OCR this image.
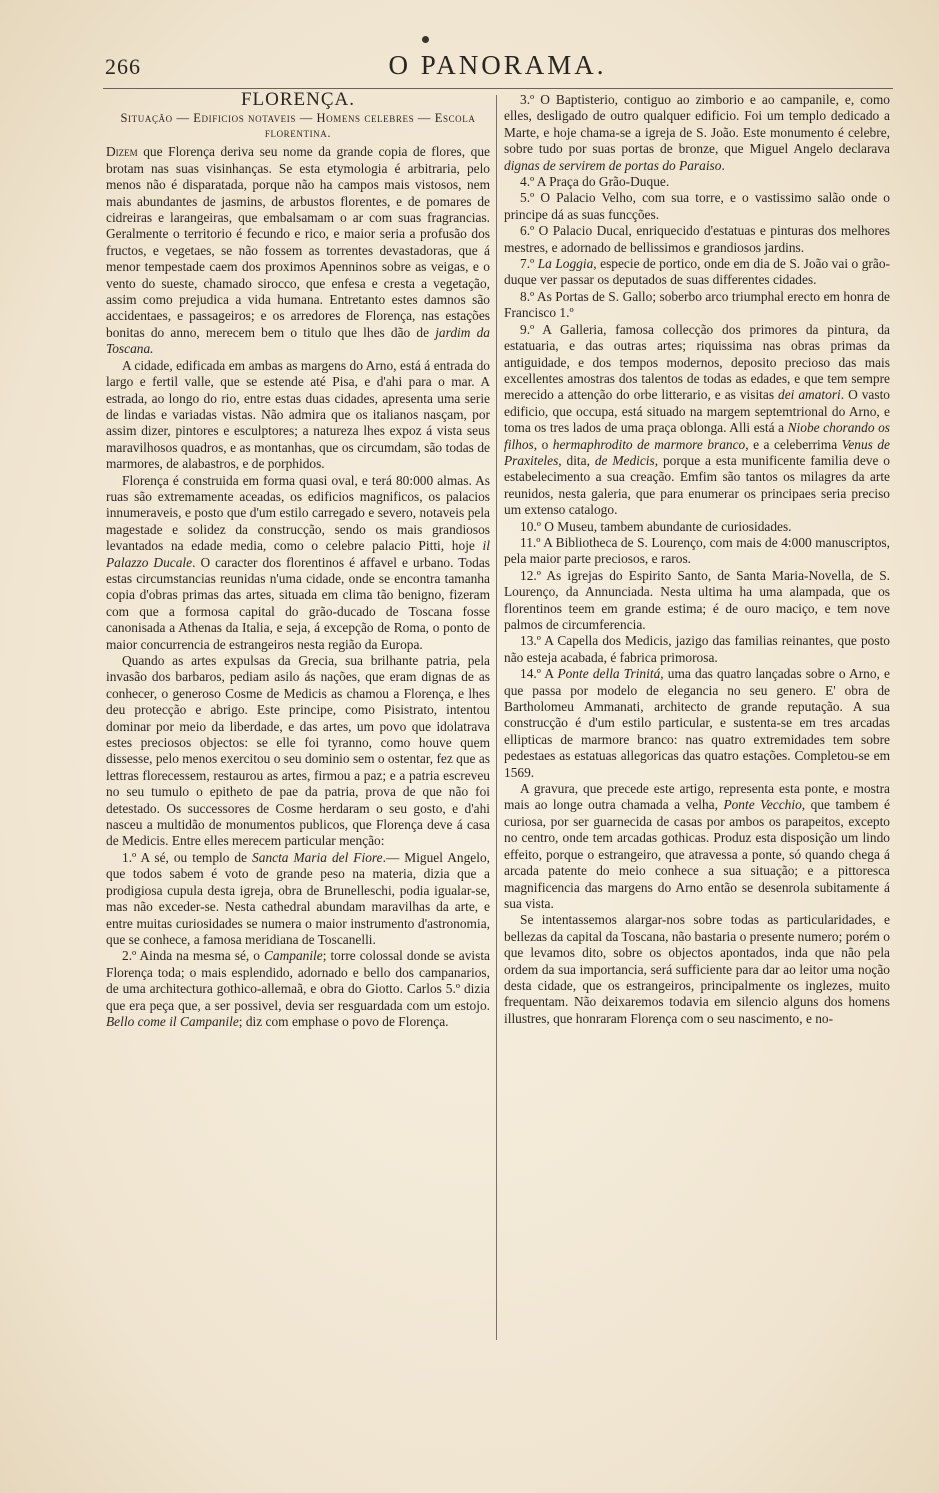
266	O PANORAMA.
FLORENÇA.
Situação — Edificios notaveis — Homens celebres — Escola florentina.

Dizem que Florença deriva seu nome da grande copia de flores, que brotam nas suas visinhanças. Se esta etymologia é arbitraria, pelo menos não é disparatada, porque não ha campos mais vistosos, nem mais abundantes de jasmins, de arbustos florentes, e de pomares de cidreiras e larangeiras, que embalsamam o ar com suas fragrancias. Geralmente o territorio é fecundo e rico, e maior seria a profusão dos fructos, e vegetaes, se não fossem as torrentes devastadoras, que á menor tempestade caem dos proximos Apenninos sobre as veigas, e o vento do sueste, chamado sirocco, que enfesa e cresta a vegetação, assim como prejudica a vida humana. Entretanto estes damnos são accidentaes, e passageiros; e os arredores de Florença, nas estações bonitas do anno, merecem bem o titulo que lhes dão de jardim da Toscana.

A cidade, edificada em ambas as margens do Arno, está á entrada do largo e fertil valle, que se estende até Pisa, e d'ahi para o mar. A estrada, ao longo do rio, entre estas duas cidades, apresenta uma serie de lindas e variadas vistas. Não admira que os italianos nasçam, por assim dizer, pintores e esculptores; a natureza lhes expoz á vista seus maravilhosos quadros, e as montanhas, que os circumdam, são todas de marmores, de alabastros, e de porphidos.

Florença é construida em forma quasi oval, e terá 80:000 almas. As ruas são extremamente aceadas, os edificios magnificos, os palacios innumeraveis, e posto que d'um estilo carregado e severo, notaveis pela magestade e solidez da construcção, sendo os mais grandiosos levantados na edade media, como o celebre palacio Pitti, hoje il Palazzo Ducale. O caracter dos florentinos é affavel e urbano. Todas estas circumstancias reunidas n'uma cidade, onde se encontra tamanha copia d'obras primas das artes, situada em clima tão benigno, fizeram com que a formosa capital do grão-ducado de Toscana fosse canonisada a Athenas da Italia, e seja, á excepção de Roma, o ponto de maior concurrencia de estrangeiros nesta região da Europa.

Quando as artes expulsas da Grecia, sua brilhante patria, pela invasão dos barbaros, pediam asilo ás nações, que eram dignas de as conhecer, o generoso Cosme de Medicis as chamou a Florença, e lhes deu protecção e abrigo. Este principe, como Pisistrato, intentou dominar por meio da liberdade, e das artes, um povo que idolatrava estes preciosos objectos: se elle foi tyranno, como houve quem dissesse, pelo menos exercitou o seu dominio sem o ostentar, fez que as lettras florecessem, restaurou as artes, firmou a paz; e a patria escreveu no seu tumulo o epitheto de pae da patria, prova de que não foi detestado. Os successores de Cosme herdaram o seu gosto, e d'ahi nasceu a multidão de monumentos publicos, que Florença deve á casa de Medicis. Entre elles merecem particular menção:

1.º A sé, ou templo de Sancta Maria del Fiore.— Miguel Angelo, que todos sabem é voto de grande peso na materia, dizia que a prodigiosa cupula desta igreja, obra de Brunelleschi, podia igualar-se, mas não exceder-se. Nesta cathedral abundam maravilhas da arte, e entre muitas curiosidades se numera o maior instrumento d'astronomia, que se conhece, a famosa meridiana de Toscanelli.

2.º Ainda na mesma sé, o Campanile; torre colossal donde se avista Florença toda; o mais esplendido, adornado e bello dos campanarios, de uma architectura gothico-allemaã, e obra do Giotto. Carlos 5.º dizia que era peça que, a ser possivel, devia ser resguardada com um estojo. Bello come il Campanile; diz com emphase o povo de Florença.

3.º O Baptisterio, contiguo ao zimborio e ao campanile, e, como elles, desligado de outro qualquer edificio. Foi um templo dedicado a Marte, e hoje chama-se a igreja de S. João. Este monumento é celebre, sobre tudo por suas portas de bronze, que Miguel Angelo declarava dignas de servirem de portas do Paraiso.

4.º A Praça do Grão-Duque.

5.º O Palacio Velho, com sua torre, e o vastissimo salão onde o principe dá as suas funcções.

6.º O Palacio Ducal, enriquecido d'estatuas e pinturas dos melhores mestres, e adornado de bellissimos e grandiosos jardins.

7.º La Loggia, especie de portico, onde em dia de S. João vai o grão-duque ver passar os deputados de suas differentes cidades.

8.º As Portas de S. Gallo; soberbo arco triumphal erecto em honra de Francisco 1.º

9.º A Galleria, famosa collecção dos primores da pintura, da estatuaria, e das outras artes; riquissima nas obras primas da antiguidade, e dos tempos modernos, deposito precioso das mais excellentes amostras dos talentos de todas as edades, e que tem sempre merecido a attenção do orbe litterario, e as visitas dei amatori. O vasto edificio, que occupa, está situado na margem septemtrional do Arno, e toma os tres lados de uma praça oblonga. Alli está a Niobe chorando os filhos, o hermaphrodito de marmore branco, e a celeberrima Venus de Praxiteles, dita, de Medicis, porque a esta munificente familia deve o estabelecimento a sua creação. Emfim são tantos os milagres da arte reunidos, nesta galeria, que para enumerar os principaes seria preciso um extenso catalogo.

10.º O Museu, tambem abundante de curiosidades.

11.º A Bibliotheca de S. Lourenço, com mais de 4:000 manuscriptos, pela maior parte preciosos, e raros.

12.º As igrejas do Espirito Santo, de Santa Maria-Novella, de S. Lourenço, da Annunciada. Nesta ultima ha uma alampada, que os florentinos teem em grande estima; é de ouro maciço, e tem nove palmos de circumferencia.

13.º A Capella dos Medicis, jazigo das familias reinantes, que posto não esteja acabada, é fabrica primorosa.

14.º A Ponte della Trinitá, uma das quatro lançadas sobre o Arno, e que passa por modelo de elegancia no seu genero. E' obra de Bartholomeu Ammanati, architecto de grande reputação. A sua construcção é d'um estilo particular, e sustenta-se em tres arcadas ellipticas de marmore branco: nas quatro extremidades tem sobre pedestaes as estatuas allegoricas das quatro estações. Completou-se em 1569.

A gravura, que precede este artigo, representa esta ponte, e mostra mais ao longe outra chamada a velha, Ponte Vecchio, que tambem é curiosa, por ser guarnecida de casas por ambos os parapeitos, excepto no centro, onde tem arcadas gothicas. Produz esta disposição um lindo effeito, porque o estrangeiro, que atravessa a ponte, só quando chega á arcada patente do meio conhece a sua situação; e a pittoresca magnificencia das margens do Arno então se desenrola subitamente á sua vista.

Se intentassemos alargar-nos sobre todas as particularidades, e bellezas da capital da Toscana, não bastaria o presente numero; porém o que levamos dito, sobre os objectos apontados, inda que não pela ordem da sua importancia, será sufficiente para dar ao leitor uma noção desta cidade, que os estrangeiros, principalmente os inglezes, muito frequentam. Não deixaremos todavia em silencio alguns dos homens illustres, que honraram Florença com o seu nascimento, e no-
